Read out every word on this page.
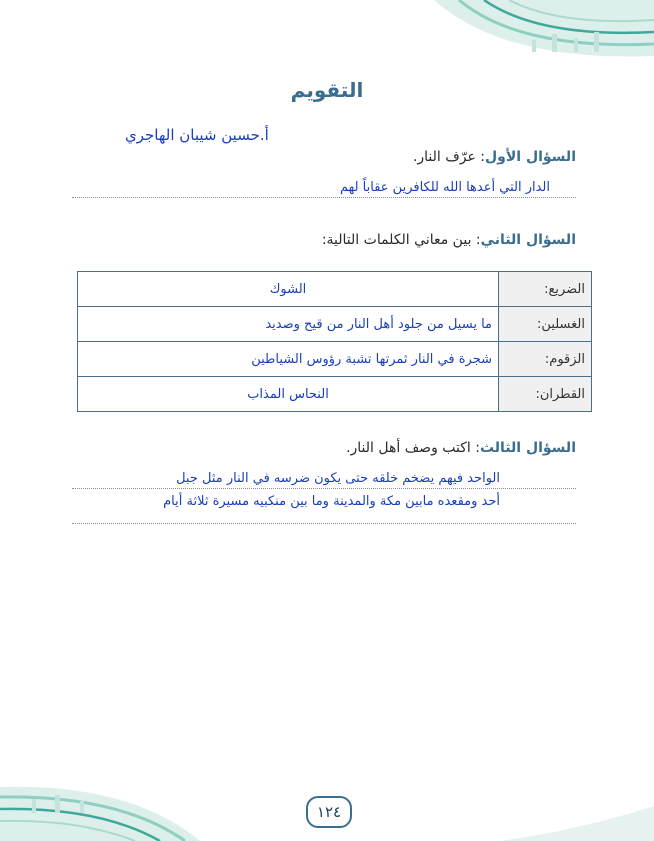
التقويم
أ.حسين شيبان الهاجري
السؤال الأول: عرّف النار.
الدار التي أعدها الله للكافرين عقاباً لهم
السؤال الثاني: بين معاني الكلمات التالية:
الضريع:	الشوك
الغسلين:	ما يسيل من جلود أهل النار من قيح وصديد
الزقوم:	شجرة في النار ثمرتها تشبة رؤوس الشياطين
القطران:	النحاس المذاب
السؤال الثالث: اكتب وصف أهل النار.
الواحد فيهم يضخم خلقه حتى يكون ضرسه في النار مثل جبل
أحد ومقعده مابين مكة والمدينة وما بين منكبيه مسيرة ثلاثة أيام
١٢٤
